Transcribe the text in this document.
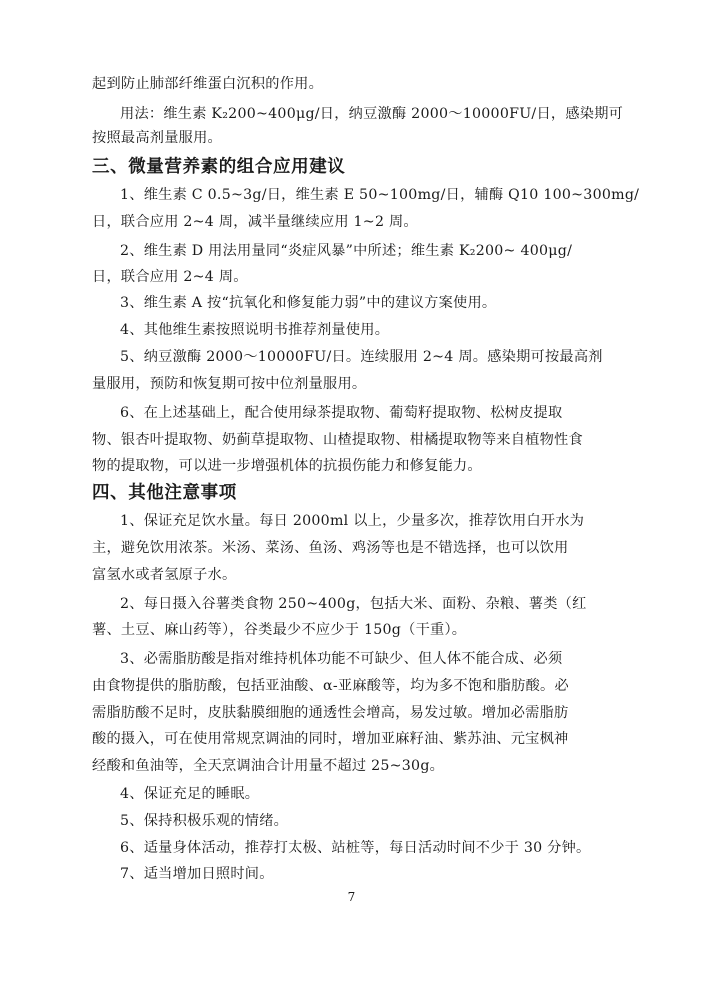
起到防止肺部纤维蛋白沉积的作用。
用法：维生素 K₂200~400μg/日，纳豆激酶 2000～10000FU/日，感染期可
按照最高剂量服用。
三、微量营养素的组合应用建议
1、维生素 C 0.5~3g/日，维生素 E 50~100mg/日，辅酶 Q10 100~300mg/
日，联合应用 2~4 周，减半量继续应用 1~2 周。
2、维生素 D 用法用量同“炎症风暴”中所述；维生素 K₂200~ 400μg/
日，联合应用 2~4 周。
3、维生素 A 按“抗氧化和修复能力弱”中的建议方案使用。
4、其他维生素按照说明书推荐剂量使用。
5、纳豆激酶 2000～10000FU/日。连续服用 2~4 周。感染期可按最高剂
量服用，预防和恢复期可按中位剂量服用。
6、在上述基础上，配合使用绿茶提取物、葡萄籽提取物、松树皮提取
物、银杏叶提取物、奶蓟草提取物、山楂提取物、柑橘提取物等来自植物性食
物的提取物，可以进一步增强机体的抗损伤能力和修复能力。
四、其他注意事项
1、保证充足饮水量。每日 2000ml 以上，少量多次，推荐饮用白开水为
主，避免饮用浓茶。米汤、菜汤、鱼汤、鸡汤等也是不错选择，也可以饮用
富氢水或者氢原子水。
2、每日摄入谷薯类食物 250~400g，包括大米、面粉、杂粮、薯类（红
薯、土豆、麻山药等），谷类最少不应少于 150g（干重）。
3、必需脂肪酸是指对维持机体功能不可缺少、但人体不能合成、必须
由食物提供的脂肪酸，包括亚油酸、α-亚麻酸等，均为多不饱和脂肪酸。必
需脂肪酸不足时，皮肤黏膜细胞的通透性会增高，易发过敏。增加必需脂肪
酸的摄入，可在使用常规烹调油的同时，增加亚麻籽油、紫苏油、元宝枫神
经酸和鱼油等，全天烹调油合计用量不超过 25~30g。
4、保证充足的睡眠。
5、保持积极乐观的情绪。
6、适量身体活动，推荐打太极、站桩等，每日活动时间不少于 30 分钟。
7、适当增加日照时间。
7
